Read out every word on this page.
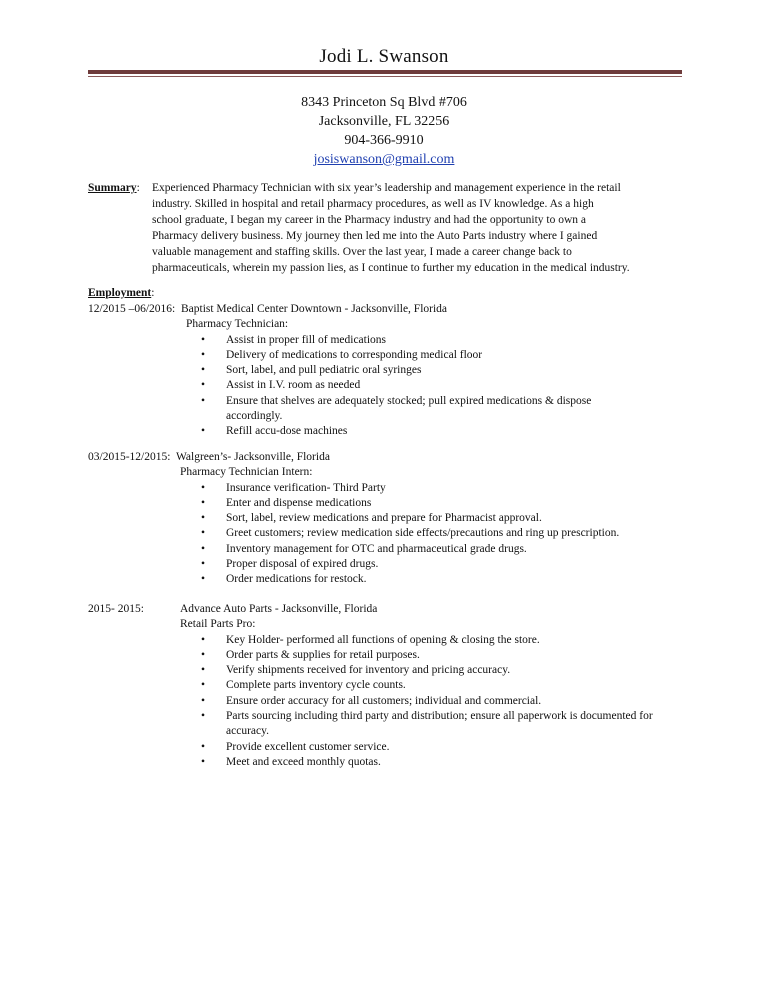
Jodi L. Swanson
8343 Princeton Sq Blvd #706
Jacksonville, FL 32256
904-366-9910
josiswanson@gmail.com
Summary: Experienced Pharmacy Technician with six year’s leadership and management experience in the retail
industry. Skilled in hospital and retail pharmacy procedures, as well as IV knowledge. As a high
school graduate, I began my career in the Pharmacy industry and had the opportunity to own a
Pharmacy delivery business. My journey then led me into the Auto Parts industry where I gained
valuable management and staffing skills. Over the last year, I made a career change back to
pharmaceuticals, wherein my passion lies, as I continue to further my education in the medical industry.
Employment:
12/2015 –06/2016: Baptist Medical Center Downtown - Jacksonville, Florida
Pharmacy Technician:
• Assist in proper fill of medications
• Delivery of medications to corresponding medical floor
• Sort, label, and pull pediatric oral syringes
• Assist in I.V. room as needed
• Ensure that shelves are adequately stocked; pull expired medications & dispose accordingly.
• Refill accu-dose machines
03/2015-12/2015: Walgreen’s- Jacksonville, Florida
Pharmacy Technician Intern:
• Insurance verification- Third Party
• Enter and dispense medications
• Sort, label, review medications and prepare for Pharmacist approval.
• Greet customers; review medication side effects/precautions and ring up prescription.
• Inventory management for OTC and pharmaceutical grade drugs.
• Proper disposal of expired drugs.
• Order medications for restock.
2015- 2015:	Advance Auto Parts - Jacksonville, Florida
Retail Parts Pro:
• Key Holder- performed all functions of opening & closing the store.
• Order parts & supplies for retail purposes.
• Verify shipments received for inventory and pricing accuracy.
• Complete parts inventory cycle counts.
• Ensure order accuracy for all customers; individual and commercial.
• Parts sourcing including third party and distribution; ensure all paperwork is documented for accuracy.
• Provide excellent customer service.
• Meet and exceed monthly quotas.
